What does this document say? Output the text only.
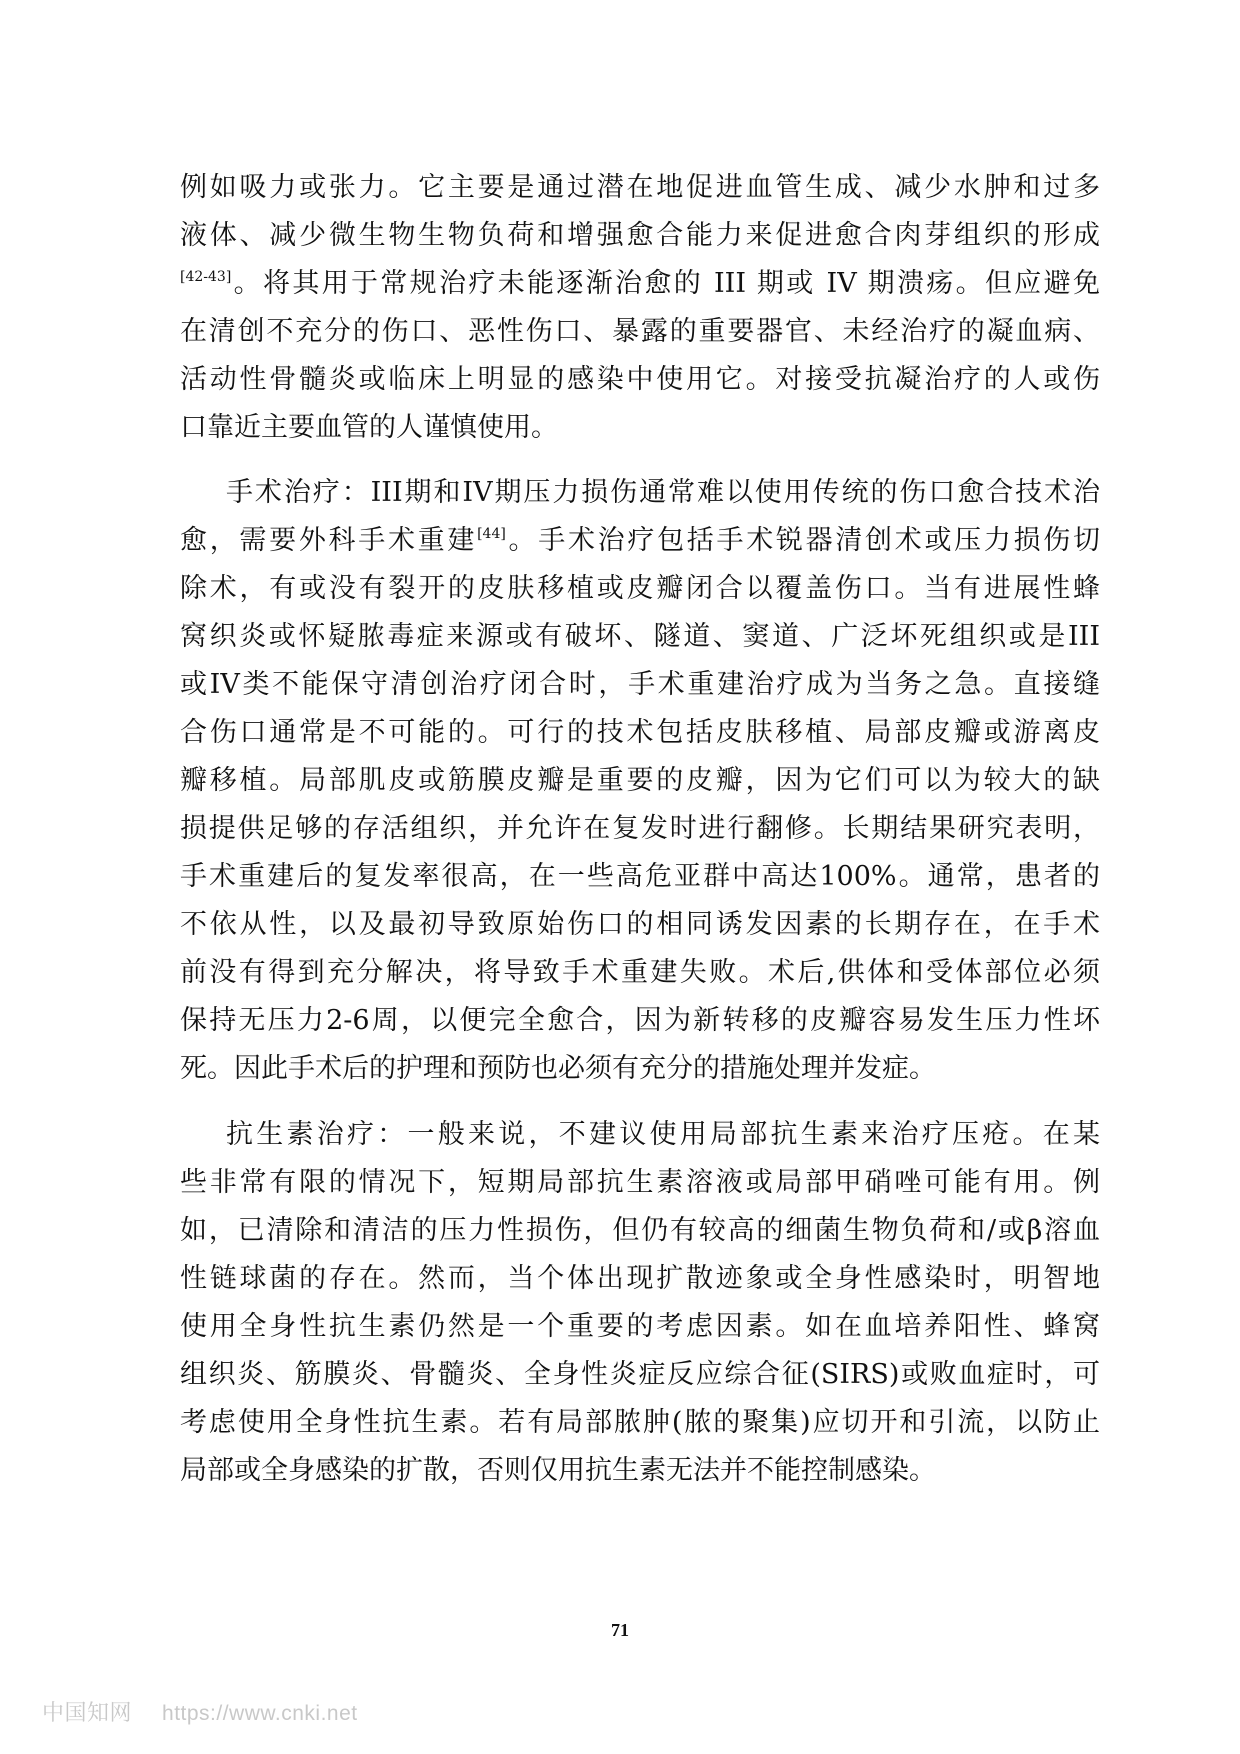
例如吸力或张力。它主要是通过潜在地促进血管生成、减少水肿和过多
液体、减少微生物生物负荷和增强愈合能力来促进愈合肉芽组织的形成
[42-43]。将其用于常规治疗未能逐渐治愈的 III 期或 IV 期溃疡。但应避免
在清创不充分的伤口、恶性伤口、暴露的重要器官、未经治疗的凝血病、
活动性骨髓炎或临床上明显的感染中使用它。对接受抗凝治疗的人或伤
口靠近主要血管的人谨慎使用。
手术治疗：III期和IV期压力损伤通常难以使用传统的伤口愈合技术治
愈，需要外科手术重建[44]。手术治疗包括手术锐器清创术或压力损伤切
除术，有或没有裂开的皮肤移植或皮瓣闭合以覆盖伤口。当有进展性蜂
窝织炎或怀疑脓毒症来源或有破坏、隧道、窦道、广泛坏死组织或是III
或IV类不能保守清创治疗闭合时，手术重建治疗成为当务之急。直接缝
合伤口通常是不可能的。可行的技术包括皮肤移植、局部皮瓣或游离皮
瓣移植。局部肌皮或筋膜皮瓣是重要的皮瓣，因为它们可以为较大的缺
损提供足够的存活组织，并允许在复发时进行翻修。长期结果研究表明，
手术重建后的复发率很高，在一些高危亚群中高达100%。通常，患者的
不依从性，以及最初导致原始伤口的相同诱发因素的长期存在，在手术
前没有得到充分解决，将导致手术重建失败。术后,供体和受体部位必须
保持无压力2-6周，以便完全愈合，因为新转移的皮瓣容易发生压力性坏
死。因此手术后的护理和预防也必须有充分的措施处理并发症。
抗生素治疗：一般来说，不建议使用局部抗生素来治疗压疮。在某
些非常有限的情况下，短期局部抗生素溶液或局部甲硝唑可能有用。例
如，已清除和清洁的压力性损伤，但仍有较高的细菌生物负荷和/或β溶血
性链球菌的存在。然而，当个体出现扩散迹象或全身性感染时，明智地
使用全身性抗生素仍然是一个重要的考虑因素。如在血培养阳性、蜂窝
组织炎、筋膜炎、骨髓炎、全身性炎症反应综合征(SIRS)或败血症时，可
考虑使用全身性抗生素。若有局部脓肿(脓的聚集)应切开和引流，以防止
局部或全身感染的扩散，否则仅用抗生素无法并不能控制感染。
71
中国知网 https://www.cnki.net
